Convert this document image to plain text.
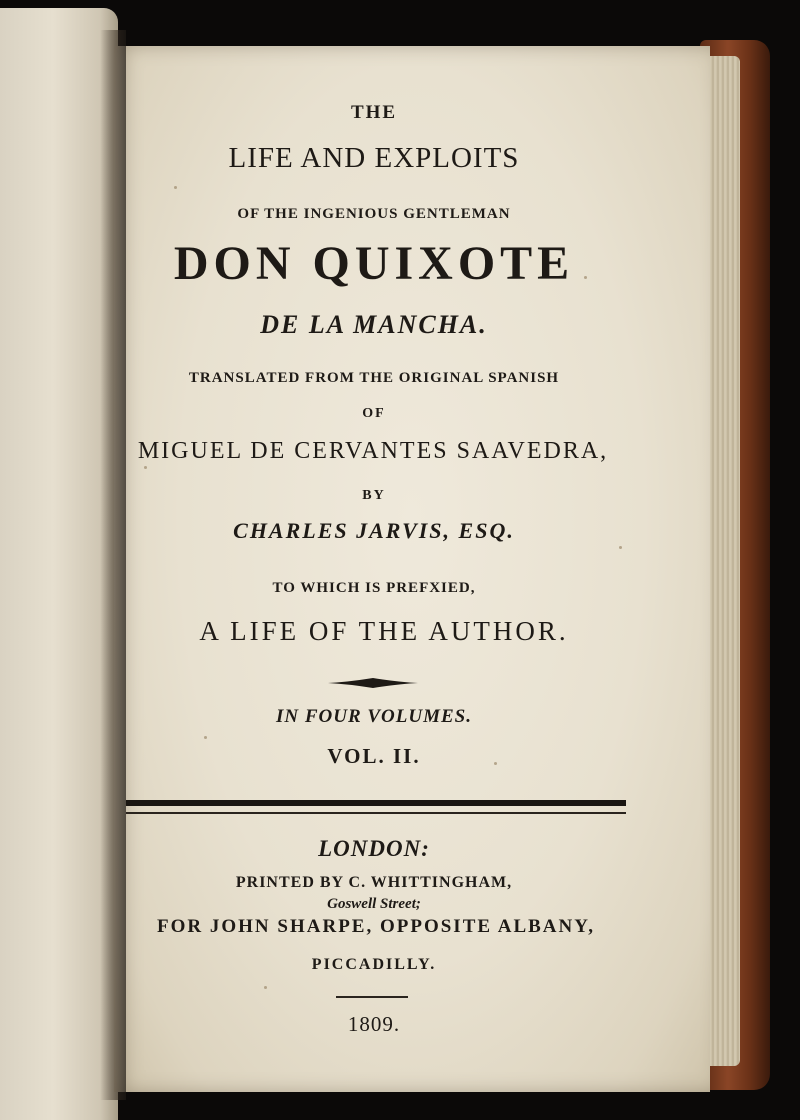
THE
LIFE AND EXPLOITS
OF THE INGENIOUS GENTLEMAN
DON QUIXOTE
DE LA MANCHA.
TRANSLATED FROM THE ORIGINAL SPANISH
OF
MIGUEL DE CERVANTES SAAVEDRA,
BY
CHARLES JARVIS, ESQ.
TO WHICH IS PREFXIED,
A LIFE OF THE AUTHOR.
IN FOUR VOLUMES.
VOL. II.
LONDON:
PRINTED BY C. WHITTINGHAM,
Goswell Street;
FOR JOHN SHARPE, OPPOSITE ALBANY,
PICCADILLY.
1809.
